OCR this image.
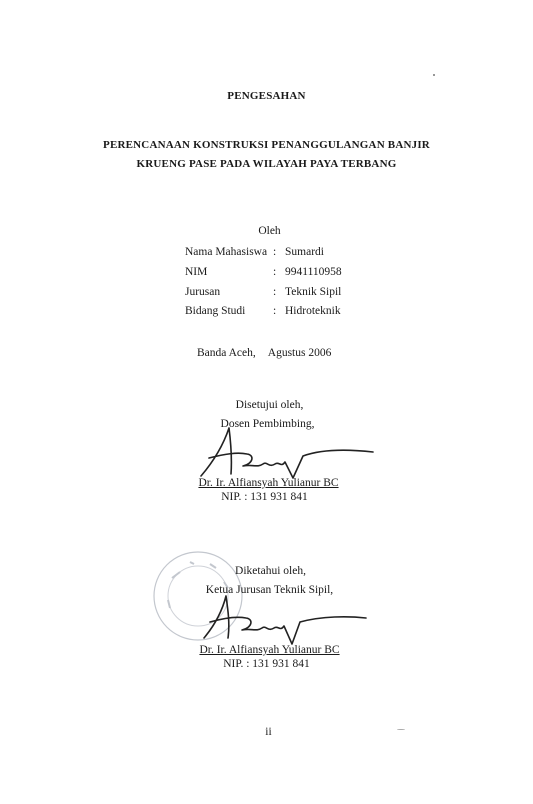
PENGESAHAN
PERENCANAAN KONSTRUKSI PENANGGULANGAN BANJIR
KRUENG PASE PADA WILAYAH PAYA TERBANG
Oleh
Nama Mahasiswa : Sumardi
NIM	: 9941110958
Jurusan	: Teknik Sipil
Bidang Studi : Hidroteknik
Banda Aceh, Agustus 2006
Disetujui oleh,
Dosen Pembimbing,
Dr. Ir. Alfiansyah Yulianur BC
NIP. : 131 931 841
Diketahui oleh,
Ketua Jurusan Teknik Sipil,
Dr. Ir. Alfiansyah Yulianur BC
NIP. : 131 931 841
ii
